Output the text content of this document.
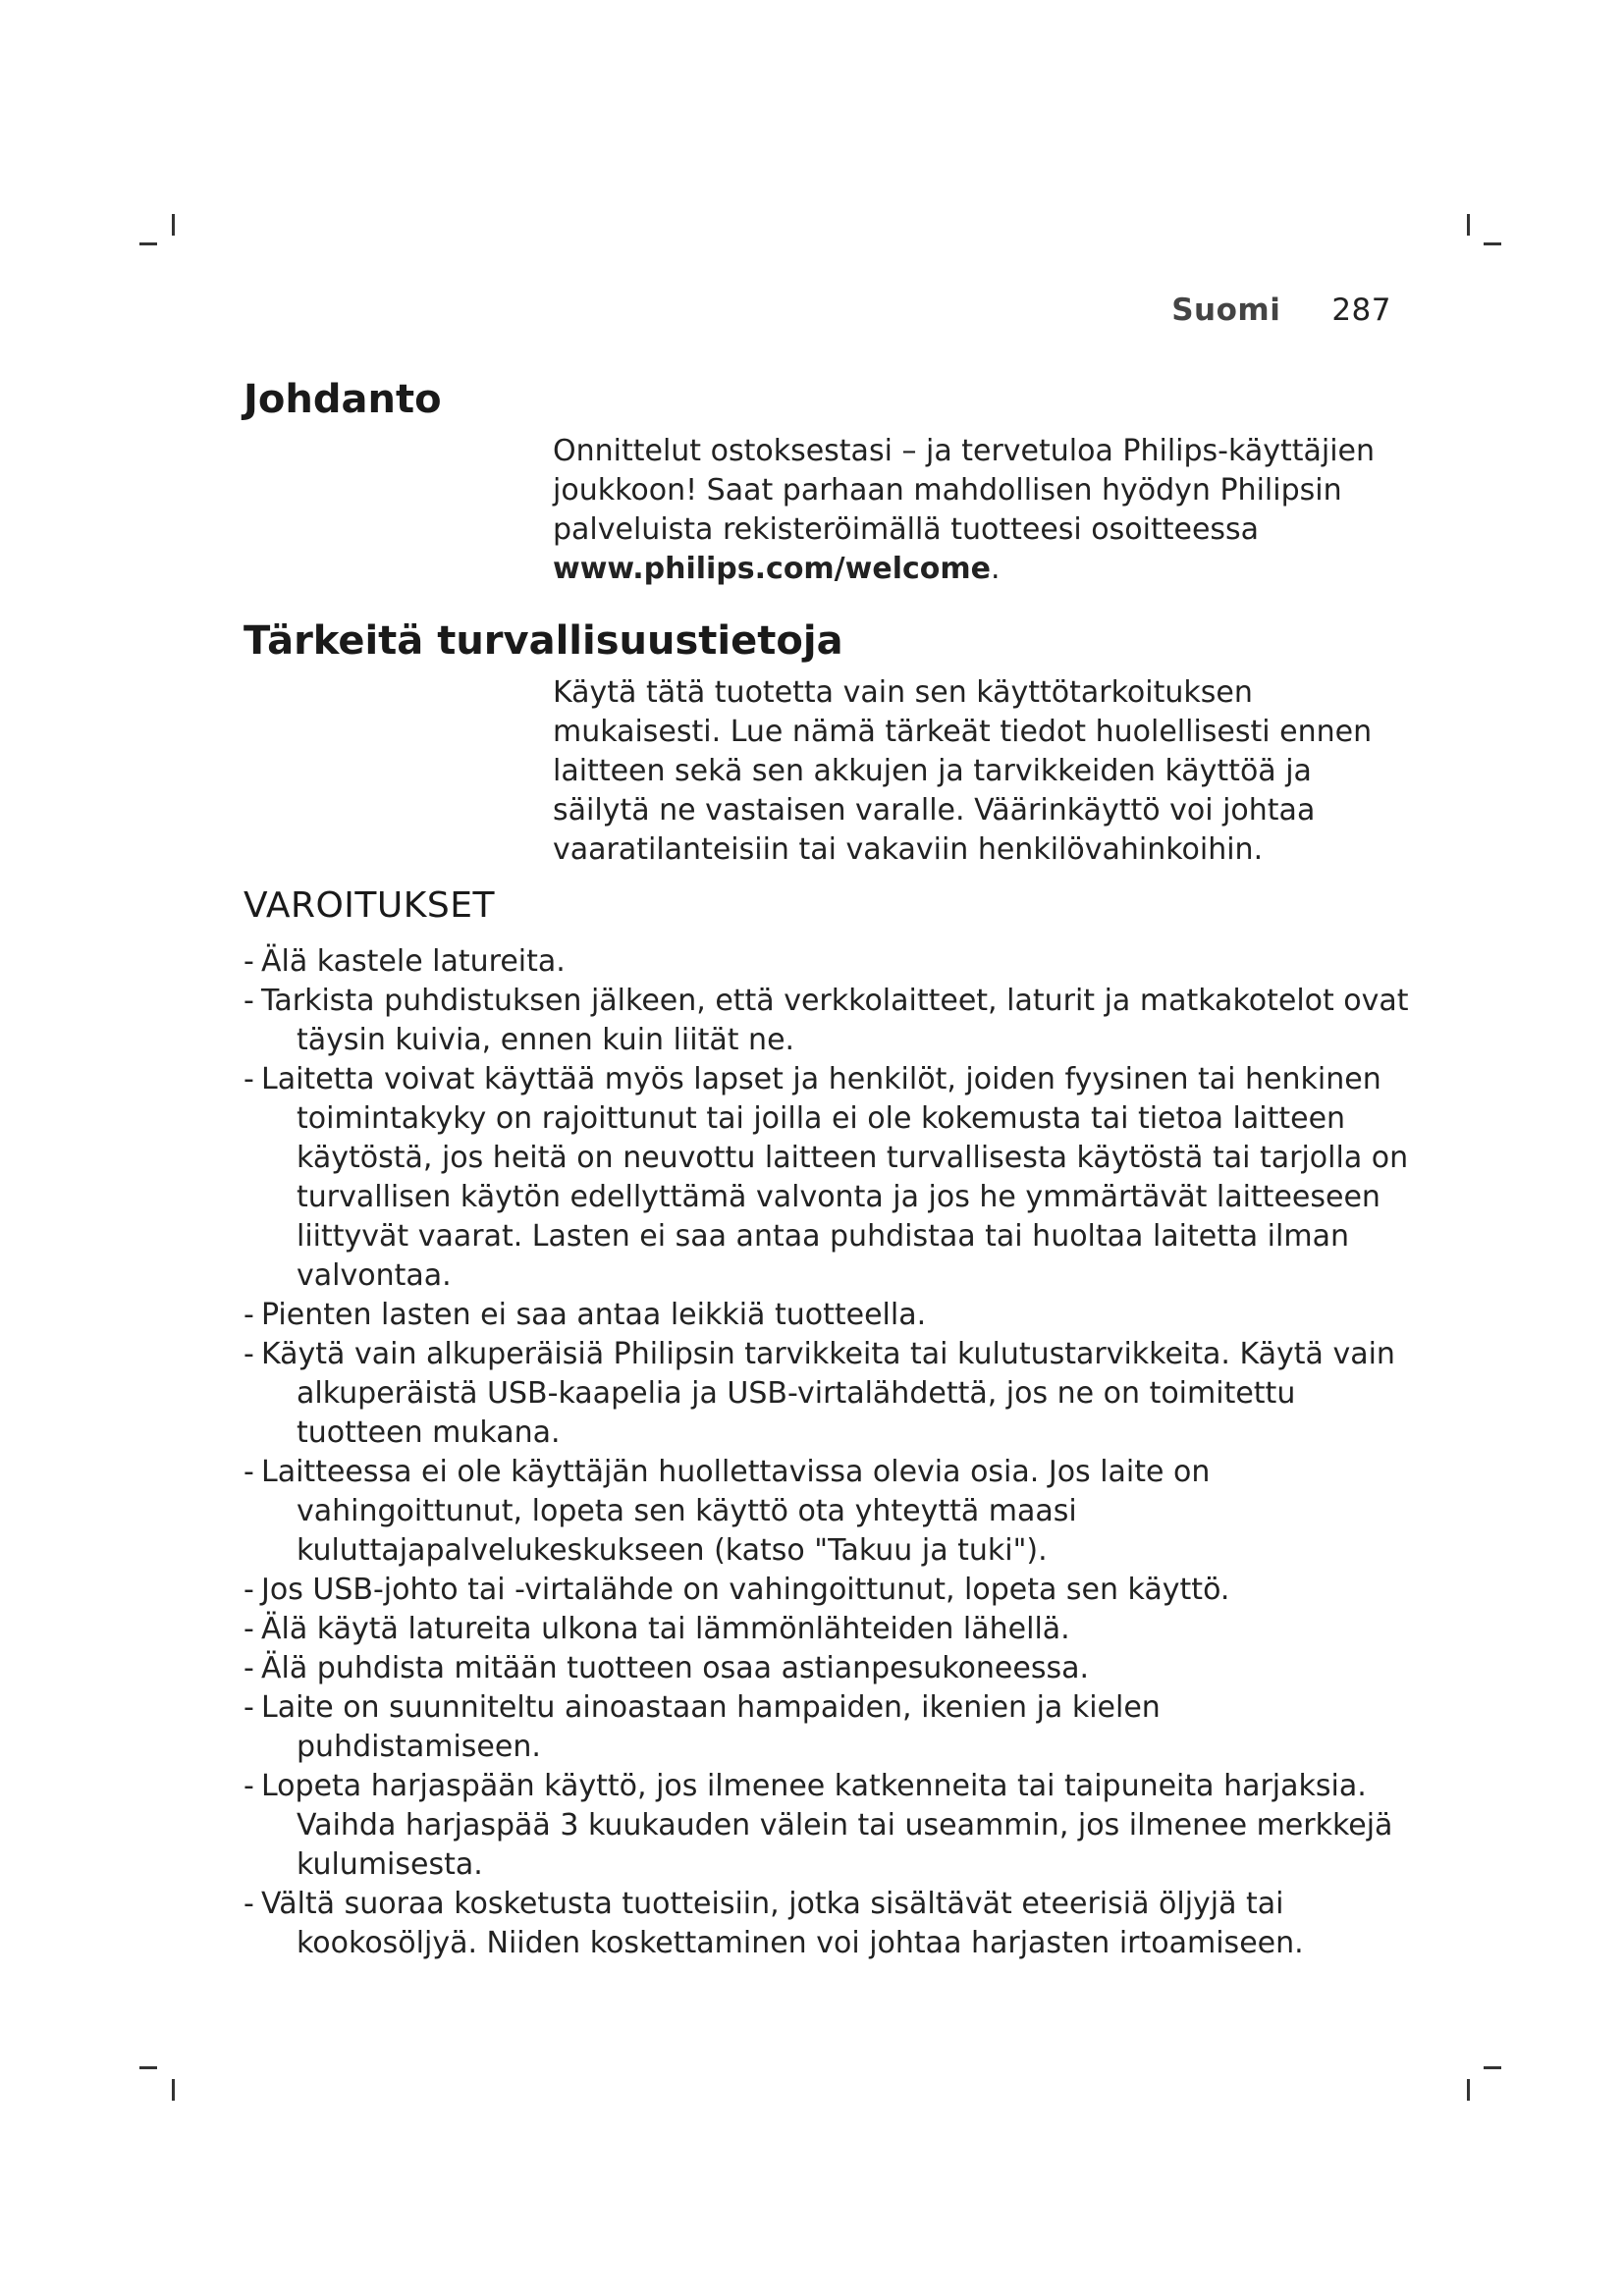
Suomi 287
Johdanto

Onnittelut ostoksestasi – ja tervetuloa Philips-käyttäjien joukkoon! Saat parhaan mahdollisen hyödyn Philipsin palveluista rekisteröimällä tuotteesi osoitteessa www.philips.com/welcome.

Tärkeitä turvallisuustietoja

Käytä tätä tuotetta vain sen käyttötarkoituksen mukaisesti. Lue nämä tärkeät tiedot huolellisesti ennen laitteen sekä sen akkujen ja tarvikkeiden käyttöä ja säilytä ne vastaisen varalle. Väärinkäyttö voi johtaa vaaratilanteisiin tai vakaviin henkilövahinkoihin.

VAROITUKSET
- Älä kastele latureita.
- Tarkista puhdistuksen jälkeen, että verkkolaitteet, laturit ja matkakotelot ovat täysin kuivia, ennen kuin liität ne.
- Laitetta voivat käyttää myös lapset ja henkilöt, joiden fyysinen tai henkinen toimintakyky on rajoittunut tai joilla ei ole kokemusta tai tietoa laitteen käytöstä, jos heitä on neuvottu laitteen turvallisesta käytöstä tai tarjolla on turvallisen käytön edellyttämä valvonta ja jos he ymmärtävät laitteeseen liittyvät vaarat. Lasten ei saa antaa puhdistaa tai huoltaa laitetta ilman valvontaa.
- Pienten lasten ei saa antaa leikkiä tuotteella.
- Käytä vain alkuperäisiä Philipsin tarvikkeita tai kulutustarvikkeita. Käytä vain alkuperäistä USB-kaapelia ja USB-virtalähdettä, jos ne on toimitettu tuotteen mukana.
- Laitteessa ei ole käyttäjän huollettavissa olevia osia. Jos laite on vahingoittunut, lopeta sen käyttö ota yhteyttä maasi kuluttajapalvelukeskukseen (katso "Takuu ja tuki").
- Jos USB-johto tai -virtalähde on vahingoittunut, lopeta sen käyttö.
- Älä käytä latureita ulkona tai lämmönlähteiden lähellä.
- Älä puhdista mitään tuotteen osaa astianpesukoneessa.
- Laite on suunniteltu ainoastaan hampaiden, ikenien ja kielen puhdistamiseen.
- Lopeta harjaspään käyttö, jos ilmenee katkenneita tai taipuneita harjaksia. Vaihda harjaspää 3 kuukauden välein tai useammin, jos ilmenee merkkejä kulumisesta.
- Vältä suoraa kosketusta tuotteisiin, jotka sisältävät eteerisiä öljyjä tai kookosöljyä. Niiden koskettaminen voi johtaa harjasten irtoamiseen.
